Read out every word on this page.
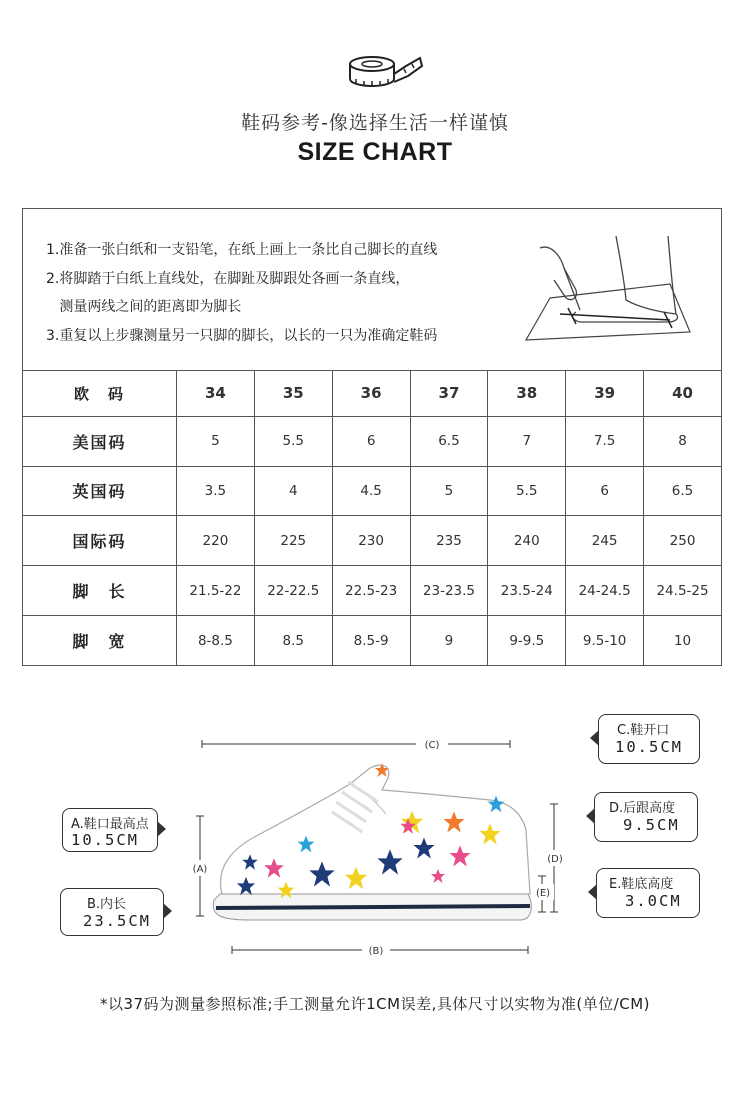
鞋码参考-像选择生活一样谨慎
SIZE CHART
1.准备一张白纸和一支铅笔，在纸上画上一条比自己脚长的直线
2.将脚踏于白纸上直线处，在脚趾及脚跟处各画一条直线，
测量两线之间的距离即为脚长
3.重复以上步骤测量另一只脚的脚长，以长的一只为准确定鞋码
欧　码	34	35	36	37	38	39	40
美国码	5	5.5	6	6.5	7	7.5	8
英国码	3.5	4	4.5	5	5.5	6	6.5
国际码	220	225	230	235	240	245	250
脚　长	21.5-22	22-22.5	22.5-23	23-23.5	23.5-24	24-24.5	24.5-25
脚　宽	8-8.5	8.5	8.5-9	9	9-9.5	9.5-10	10
(C)
(A)
(B)
(D)
(E)
A.鞋口最高点
10.5CM
B.内长
23.5CM
C.鞋开口
10.5CM
D.后跟高度
9.5CM
E.鞋底高度
3.0CM
*以37码为测量参照标准;手工测量允许1CM误差,具体尺寸以实物为准(单位/CM)
